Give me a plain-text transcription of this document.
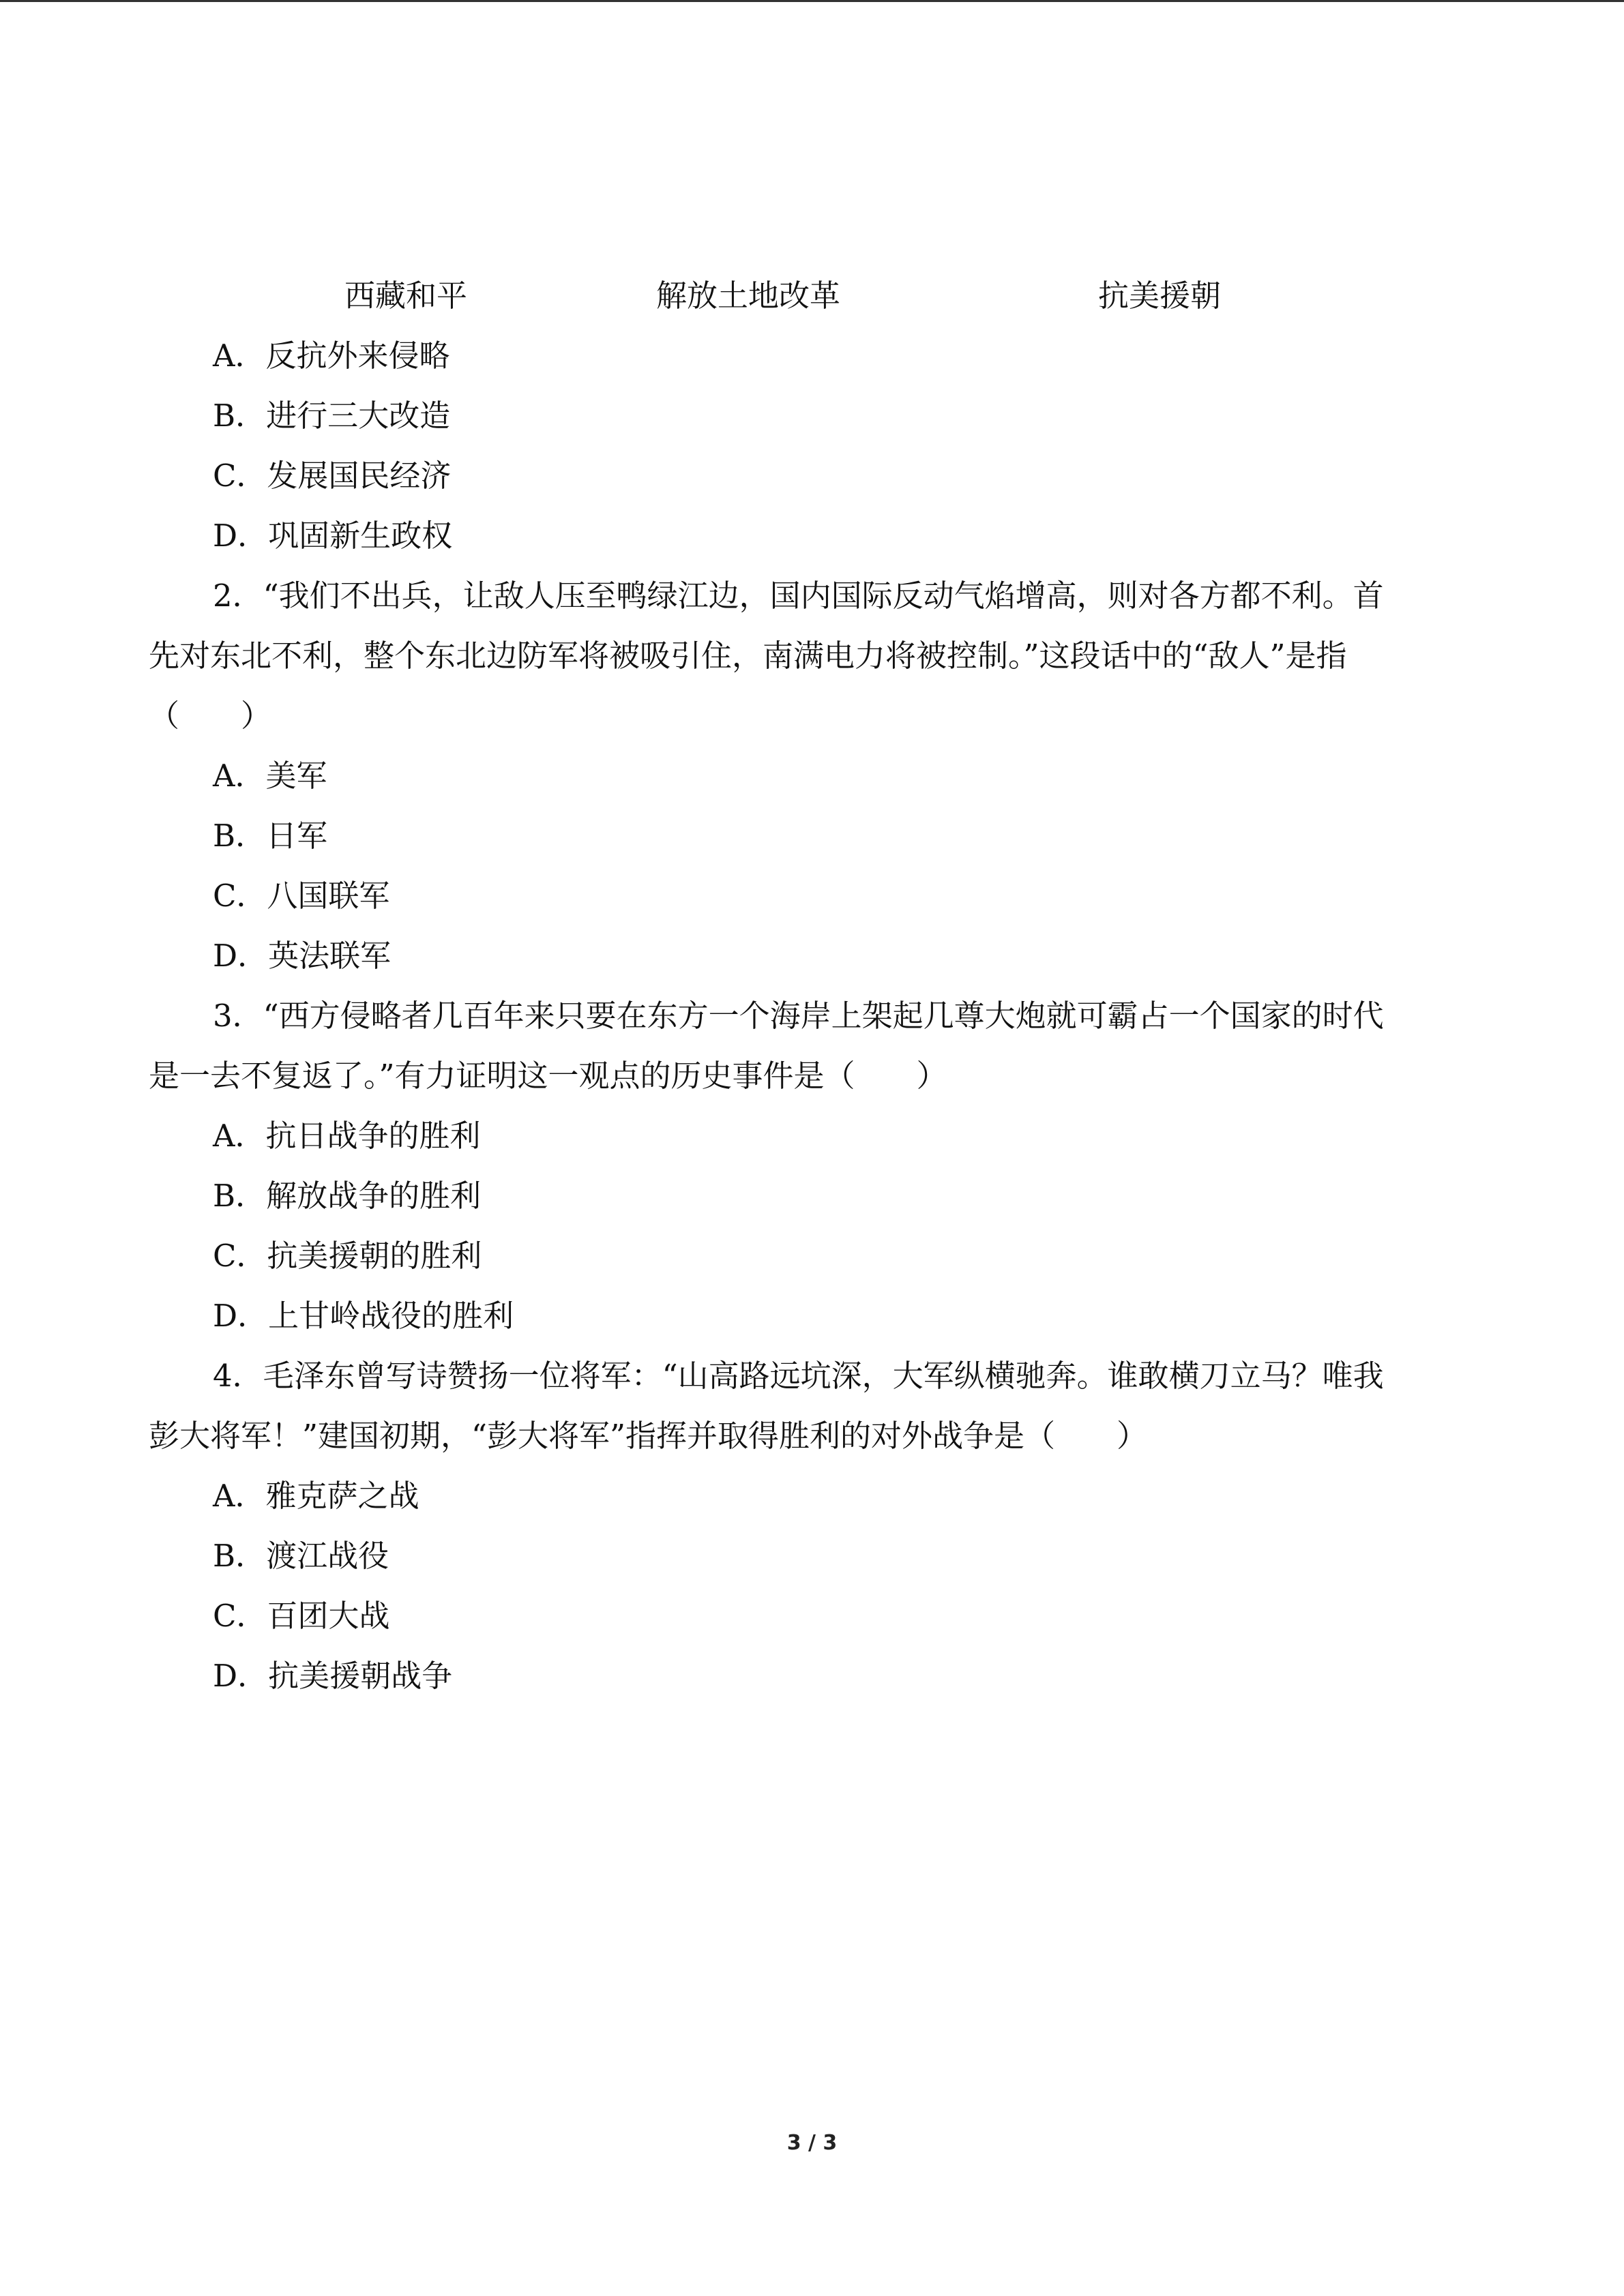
西藏和平	解放土地改革	抗美援朝
A．反抗外来侵略
B．进行三大改造
C．发展国民经济
D．巩固新生政权
2．“我们不出兵，让敌人压至鸭绿江边，国内国际反动气焰增高，则对各方都不利。首
先对东北不利，整个东北边防军将被吸引住，南满电力将被控制。”这段话中的“敌人”是指
（　　）
A．美军
B．日军
C．八国联军
D．英法联军
3．“西方侵略者几百年来只要在东方一个海岸上架起几尊大炮就可霸占一个国家的时代
是一去不复返了。”有力证明这一观点的历史事件是（　　）
A．抗日战争的胜利
B．解放战争的胜利
C．抗美援朝的胜利
D．上甘岭战役的胜利
4．毛泽东曾写诗赞扬一位将军：“山高路远坑深，大军纵横驰奔。谁敢横刀立马？唯我
彭大将军！”建国初期，“彭大将军”指挥并取得胜利的对外战争是（　　）
A．雅克萨之战
B．渡江战役
C．百团大战
D．抗美援朝战争
3 / 3
